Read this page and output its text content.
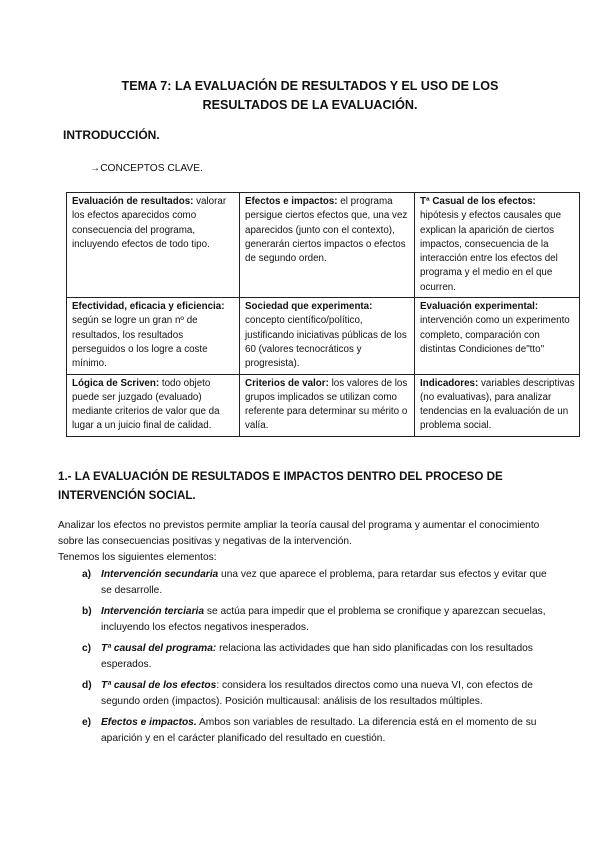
TEMA 7: LA EVALUACIÓN DE RESULTADOS Y EL USO DE LOS
RESULTADOS DE LA EVALUACIÓN.
INTRODUCCIÓN.
→CONCEPTOS CLAVE.
Evaluación de resultados: valorar los efectos aparecidos como consecuencia del programa, incluyendo efectos de todo tipo.	Efectos e impactos: el programa persigue ciertos efectos que, una vez aparecidos (junto con el contexto), generarán ciertos impactos o efectos de segundo orden.	Tª Casual de los efectos: hipótesis y efectos causales que explican la aparición de ciertos impactos, consecuencia de la interacción entre los efectos del programa y el medio en el que ocurren.
Efectividad, eficacia y eficiencia: según se logre un gran nº de resultados, los resultados perseguidos o los logre a coste mínimo.	Sociedad que experimenta: concepto científico/político, justificando iniciativas públicas de los 60 (valores tecnocráticos y progresista).	Evaluación experimental: intervención como un experimento completo, comparación con distintas Condiciones de"tto"
Lógica de Scriven: todo objeto puede ser juzgado (evaluado) mediante criterios de valor que da lugar a un juicio final de calidad.	Criterios de valor: los valores de los grupos implicados se utilizan como referente para determinar su mérito o valía.	Indicadores: variables descriptivas (no evaluativas), para analizar tendencias en la evaluación de un problema social.
1.- LA EVALUACIÓN DE RESULTADOS E IMPACTOS DENTRO DEL PROCESO DE INTERVENCIÓN SOCIAL.
Analizar los efectos no previstos permite ampliar la teoría causal del programa y aumentar el conocimiento sobre las consecuencias positivas y negativas de la intervención.
Tenemos los siguientes elementos:
a) Intervención secundaria una vez que aparece el problema, para retardar sus efectos y evitar que se desarrolle.
b) Intervención terciaria se actúa para impedir que el problema se cronifique y aparezcan secuelas, incluyendo los efectos negativos inesperados.
c) Tª causal del programa: relaciona las actividades que han sido planificadas con los resultados esperados.
d) Tª causal de los efectos: considera los resultados directos como una nueva VI, con efectos de segundo orden (impactos). Posición multicausal: análisis de los resultados múltiples.
e) Efectos e impactos. Ambos son variables de resultado. La diferencia está en el momento de su aparición y en el carácter planificado del resultado en cuestión.
